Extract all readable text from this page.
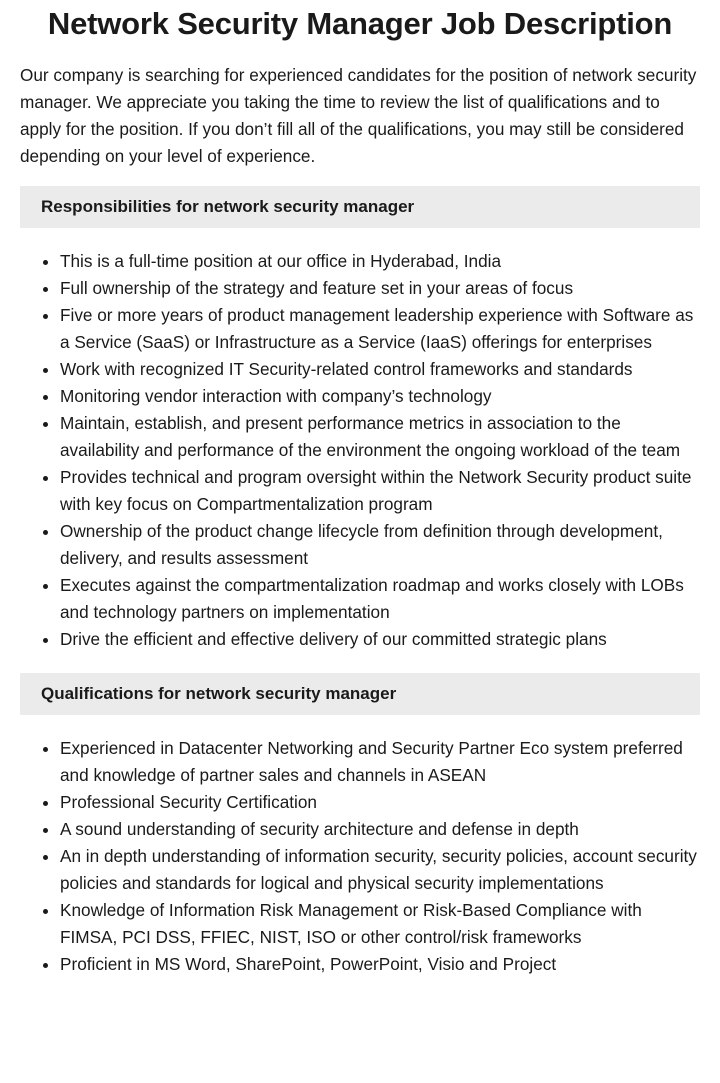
Network Security Manager Job Description

Our company is searching for experienced candidates for the position of network security manager. We appreciate you taking the time to review the list of qualifications and to apply for the position. If you don’t fill all of the qualifications, you may still be considered depending on your level of experience.

Responsibilities for network security manager
• This is a full-time position at our office in Hyderabad, India
• Full ownership of the strategy and feature set in your areas of focus
• Five or more years of product management leadership experience with Software as a Service (SaaS) or Infrastructure as a Service (IaaS) offerings for enterprises
• Work with recognized IT Security-related control frameworks and standards
• Monitoring vendor interaction with company’s technology
• Maintain, establish, and present performance metrics in association to the availability and performance of the environment the ongoing workload of the team
• Provides technical and program oversight within the Network Security product suite with key focus on Compartmentalization program
• Ownership of the product change lifecycle from definition through development, delivery, and results assessment
• Executes against the compartmentalization roadmap and works closely with LOBs and technology partners on implementation
• Drive the efficient and effective delivery of our committed strategic plans
Qualifications for network security manager
• Experienced in Datacenter Networking and Security Partner Eco system preferred and knowledge of partner sales and channels in ASEAN
• Professional Security Certification
• A sound understanding of security architecture and defense in depth
• An in depth understanding of information security, security policies, account security policies and standards for logical and physical security implementations
• Knowledge of Information Risk Management or Risk-Based Compliance with FIMSA, PCI DSS, FFIEC, NIST, ISO or other control/risk frameworks
• Proficient in MS Word, SharePoint, PowerPoint, Visio and Project
